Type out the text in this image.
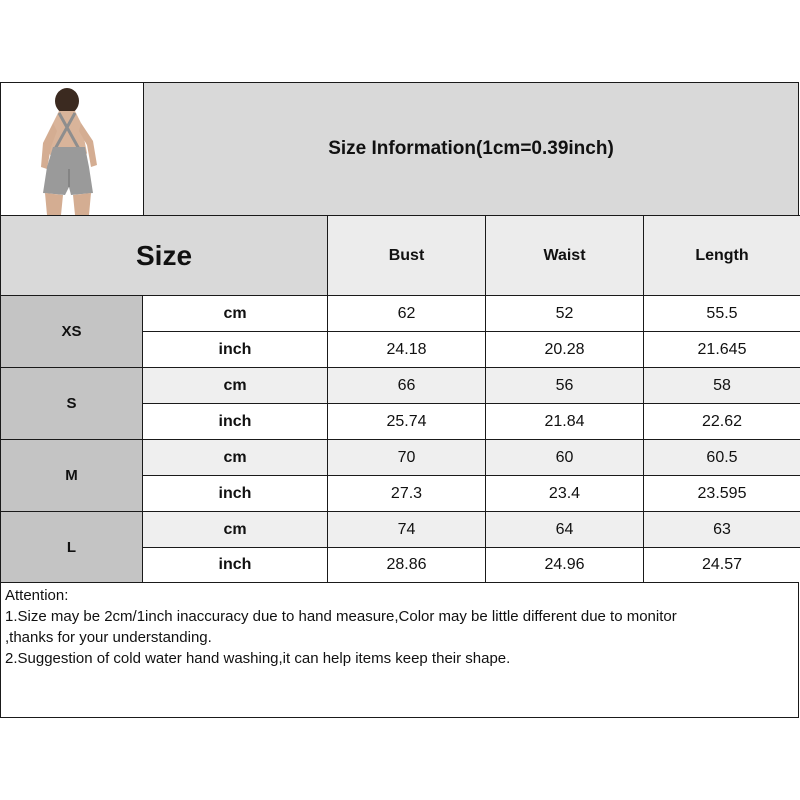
Size Information(1cm=0.39inch)
Size	Bust	Waist	Length
XS
cm	62	52	55.5
inch	24.18	20.28	21.645
S
cm	66	56	58
inch	25.74	21.84	22.62
M
cm	70	60	60.5
inch	27.3	23.4	23.595
L
cm	74	64	63
inch	28.86	24.96	24.57

Attention:

1.Size may be 2cm/1inch inaccuracy due to hand measure,Color may be little different due to monitor

,thanks for your understanding.

2.Suggestion of cold water hand washing,it can help items keep their shape.
